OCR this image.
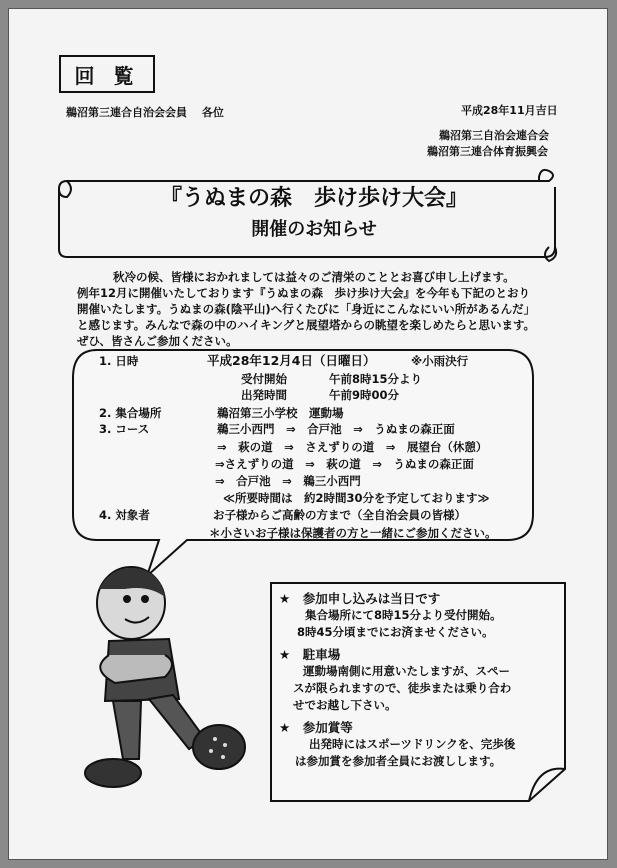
回 覧
鵜沼第三連合自治会会員　 各位	平成28年11月吉日
鵜沼第三自治会連合会
鵜沼第三連合体育振興会
『うぬまの森　歩け歩け大会』
開催のお知らせ
秋冷の候、皆様におかれましては益々のご清栄のこととお喜び申し上げます。
例年12月に開催いたしております『うぬまの森　歩け歩け大会』を今年も下記のとおり
開催いたします。うぬまの森(陰平山)へ行くたびに「身近にこんなにいい所があるんだ」
と感じます。みんなで森の中のハイキングと展望塔からの眺望を楽しめたらと思います。
ぜひ、皆さんご参加ください。
1. 日時	平成28年12月4日（日曜日）	※小雨決行
受付開始	午前8時15分より
出発時間	午前9時00分
2. 集合場所	鵜沼第三小学校　運動場
3. コース	鵜三小西門　⇒　合戸池　⇒　うぬまの森正面
⇒　萩の道　⇒　さえずりの道　⇒　展望台（休憩）
⇒さえずりの道　⇒　萩の道　⇒　うぬまの森正面
⇒　合戸池　⇒　鵜三小西門
≪所要時間は　約2時間30分を予定しております≫
4. 対象者	お子様からご高齢の方まで（全自治会員の皆様）
＊小さいお子様は保護者の方と一緒にご参加ください。
★　参加申し込みは当日です
集合場所にて8時15分より受付開始。
8時45分頃までにお済ませください。
★　駐車場
運動場南側に用意いたしますが、スペー
スが限られますので、徒歩または乗り合わ
せでお越し下さい。
★　参加賞等
出発時にはスポーツドリンクを、完歩後
は参加賞を参加者全員にお渡しします。
